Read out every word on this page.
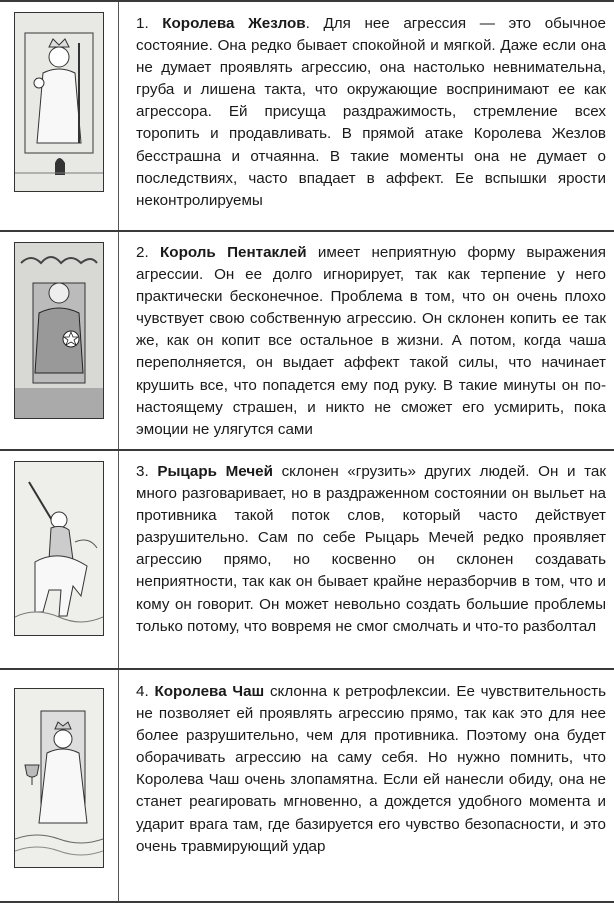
1. Королева Жезлов. Для нее агрессия — это обычное состояние. Она редко бывает спокойной и мягкой. Даже если она не думает проявлять агрессию, она настолько невнимательна, груба и лишена такта, что окружающие воспринимают ее как агрессора. Ей присуща раздражимость, стремление всех торопить и продавливать. В прямой атаке Королева Жезлов бесстрашна и отчаянна. В такие моменты она не думает о последствиях, часто впадает в аффект. Ее вспышки ярости неконтролируемы
2. Король Пентаклей имеет неприятную форму выражения агрессии. Он ее долго игнорирует, так как терпение у него практически бесконечное. Проблема в том, что он очень плохо чувствует свою собственную агрессию. Он склонен копить ее так же, как он копит все остальное в жизни. А потом, когда чаша переполняется, он выдает аффект такой силы, что начинает крушить все, что попадется ему под руку. В такие минуты он по-настоящему страшен, и никто не сможет его усмирить, пока эмоции не улягутся сами
3. Рыцарь Мечей склонен «грузить» других людей. Он и так много разговаривает, но в раздраженном состоянии он выльет на противника такой поток слов, который часто действует разрушительно. Сам по себе Рыцарь Мечей редко проявляет агрессию прямо, но косвенно он склонен создавать неприятности, так как он бывает крайне неразборчив в том, что и кому он говорит. Он может невольно создать большие проблемы только потому, что вовремя не смог смолчать и что-то разболтал
4. Королева Чаш склонна к ретрофлексии. Ее чувствительность не позволяет ей проявлять агрессию прямо, так как это для нее более разрушительно, чем для противника. Поэтому она будет оборачивать агрессию на саму себя. Но нужно помнить, что Королева Чаш очень злопамятна. Если ей нанесли обиду, она не станет реагировать мгновенно, а дождется удобного момента и ударит врага там, где базируется его чувство безопасности, и это очень травмирующий удар
